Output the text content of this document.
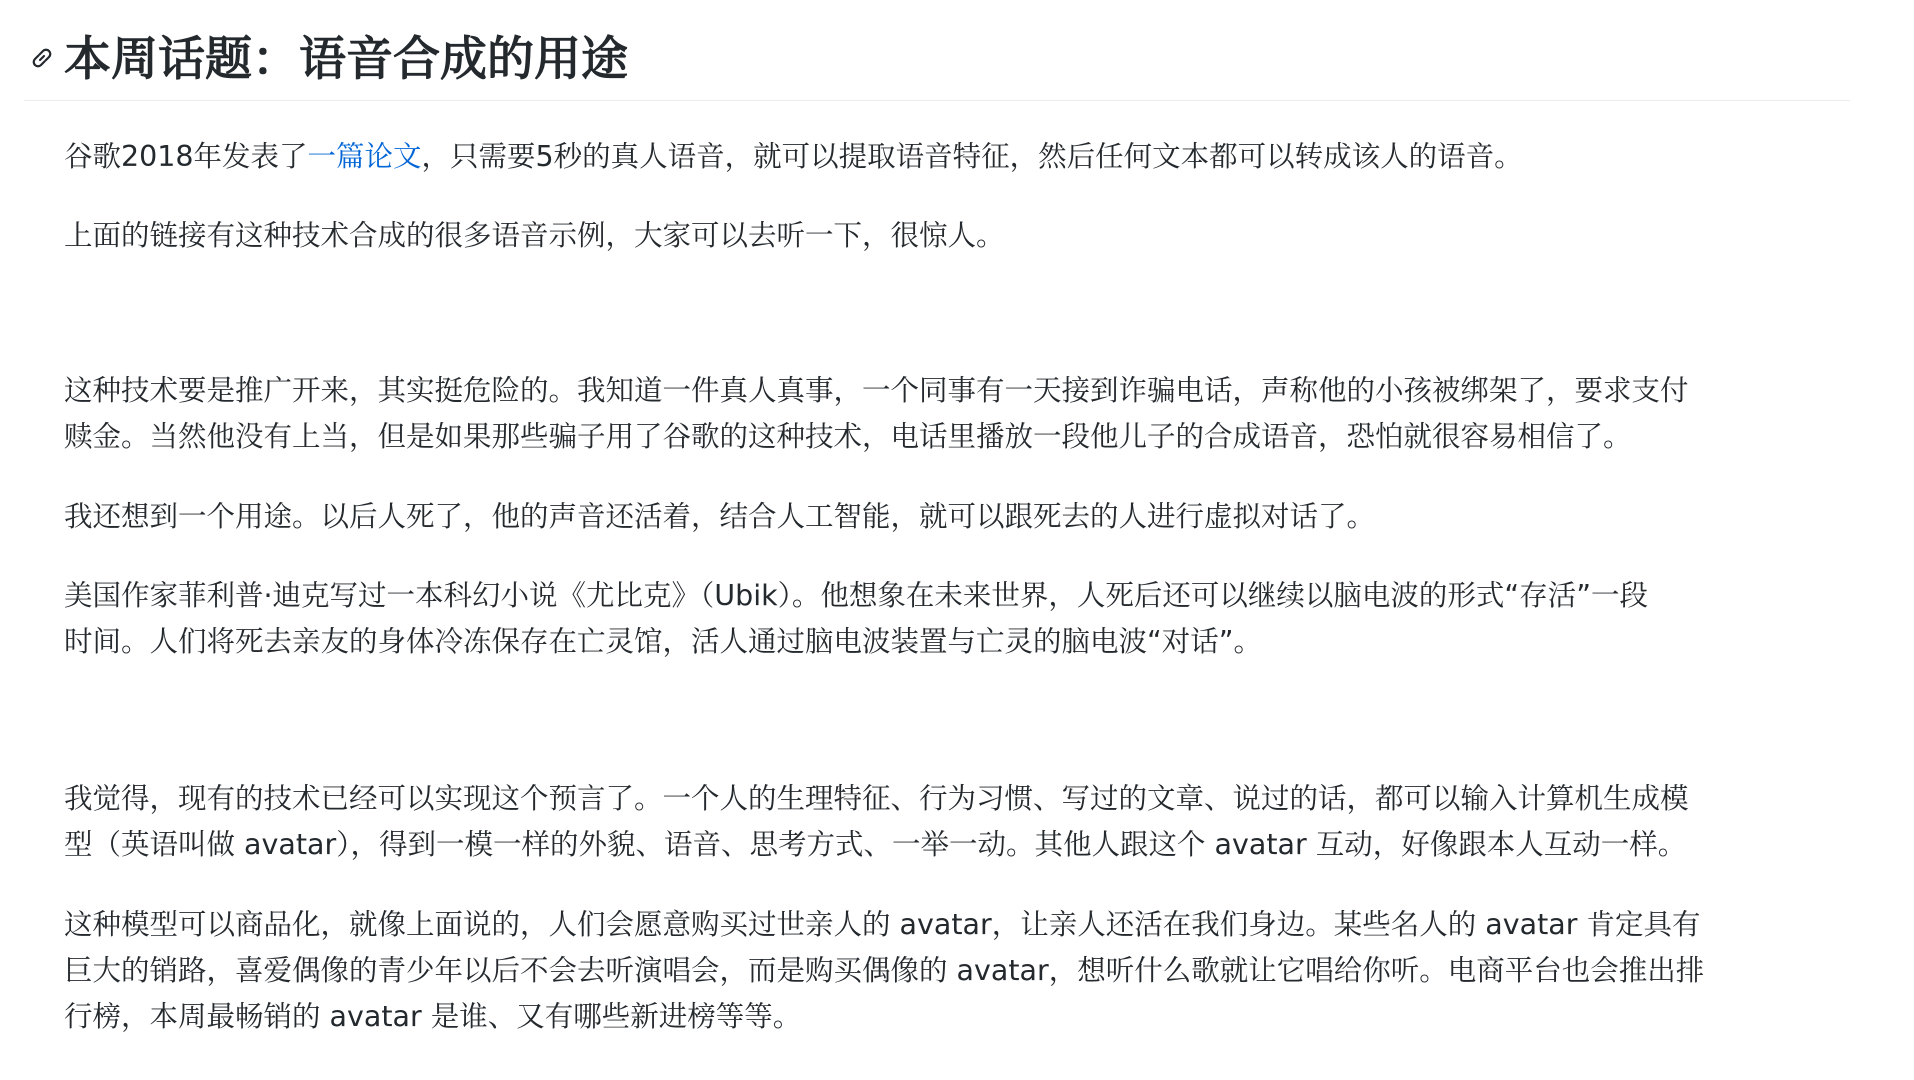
本周话题：语音合成的用途

谷歌2018年发表了一篇论文，只需要5秒的真人语音，就可以提取语音特征，然后任何文本都可以转成该人的语音。

上面的链接有这种技术合成的很多语音示例，大家可以去听一下，很惊人。

这种技术要是推广开来，其实挺危险的。我知道一件真人真事，一个同事有一天接到诈骗电话，声称他的小孩被绑架了，要求支付
赎金。当然他没有上当，但是如果那些骗子用了谷歌的这种技术，电话里播放一段他儿子的合成语音，恐怕就很容易相信了。

我还想到一个用途。以后人死了，他的声音还活着，结合人工智能，就可以跟死去的人进行虚拟对话了。

美国作家菲利普·迪克写过一本科幻小说《尤比克》（Ubik）。他想象在未来世界，人死后还可以继续以脑电波的形式“存活”一段
时间。人们将死去亲友的身体冷冻保存在亡灵馆，活人通过脑电波装置与亡灵的脑电波“对话”。

我觉得，现有的技术已经可以实现这个预言了。一个人的生理特征、行为习惯、写过的文章、说过的话，都可以输入计算机生成模
型（英语叫做 avatar），得到一模一样的外貌、语音、思考方式、一举一动。其他人跟这个 avatar 互动，好像跟本人互动一样。

这种模型可以商品化，就像上面说的，人们会愿意购买过世亲人的 avatar，让亲人还活在我们身边。某些名人的 avatar 肯定具有
巨大的销路，喜爱偶像的青少年以后不会去听演唱会，而是购买偶像的 avatar，想听什么歌就让它唱给你听。电商平台也会推出排
行榜，本周最畅销的 avatar 是谁、又有哪些新进榜等等。
